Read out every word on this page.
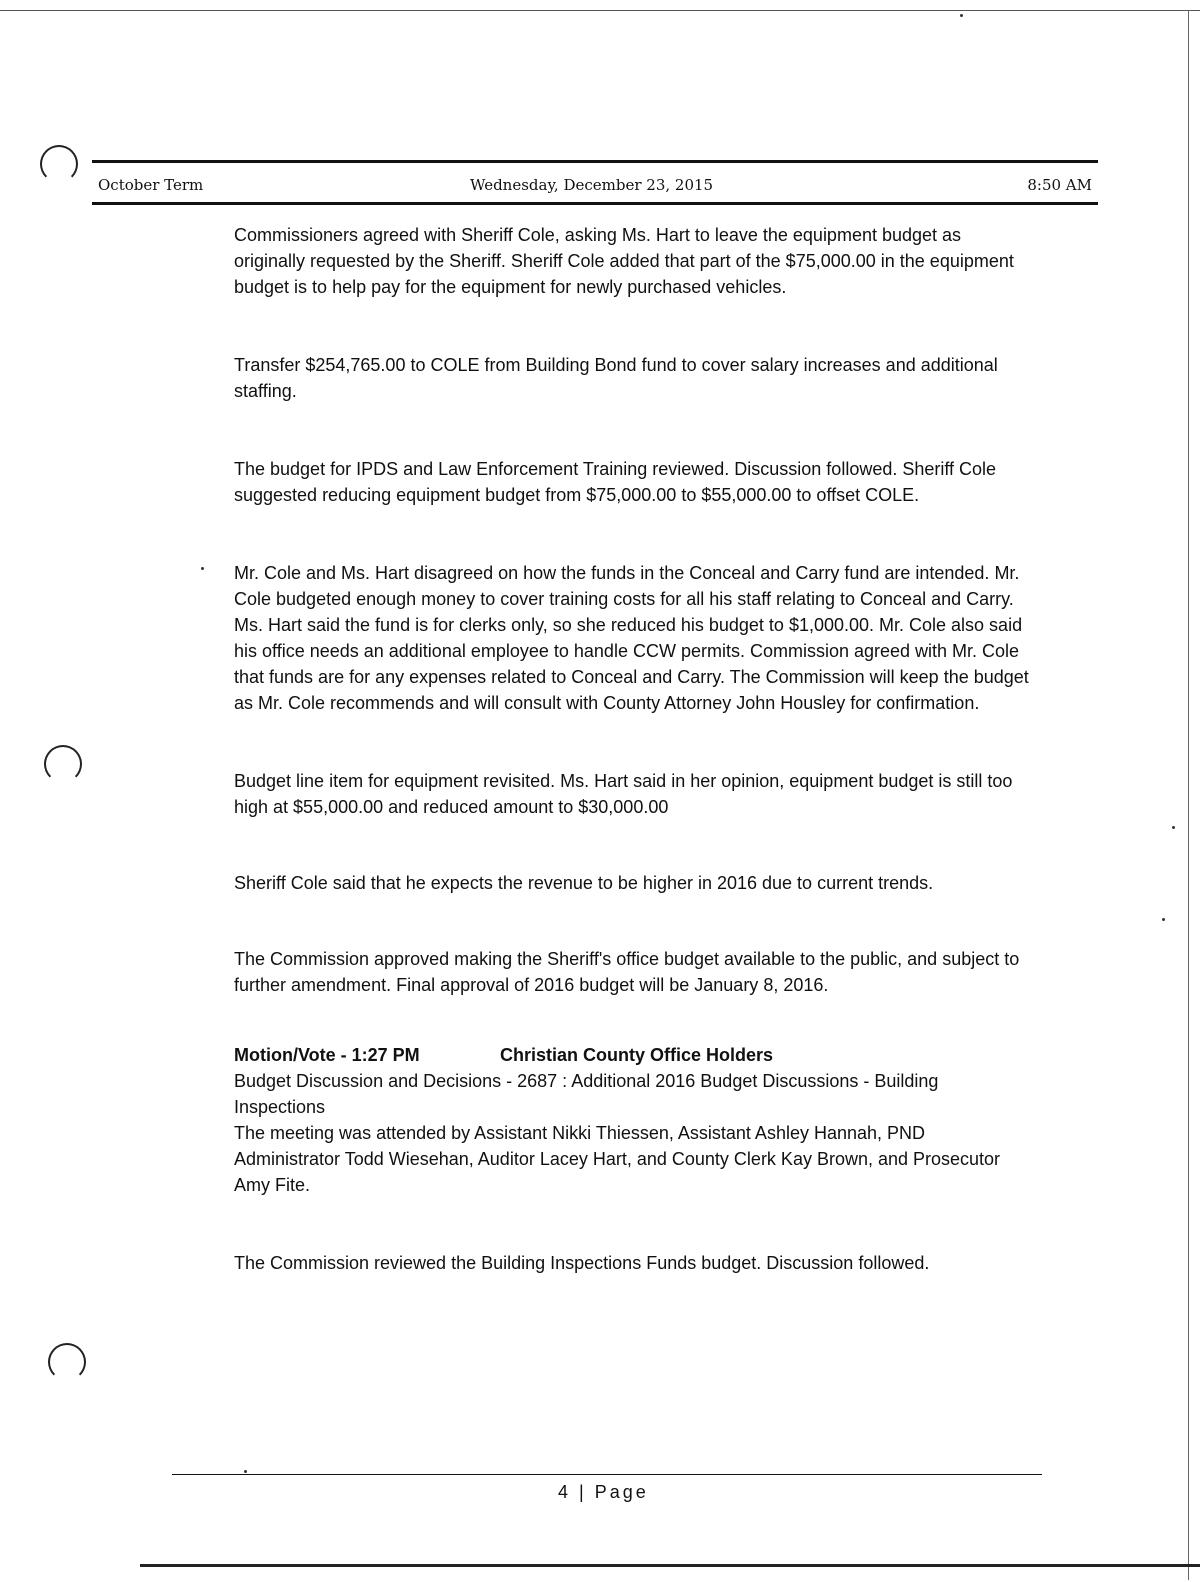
October Term	Wednesday, December 23, 2015	8:50 AM

Commissioners agreed with Sheriff Cole, asking Ms. Hart to leave the equipment budget as originally requested by the Sheriff. Sheriff Cole added that part of the $75,000.00 in the equipment budget is to help pay for the equipment for newly purchased vehicles.

Transfer $254,765.00 to COLE from Building Bond fund to cover salary increases and additional staffing.

The budget for IPDS and Law Enforcement Training reviewed. Discussion followed. Sheriff Cole suggested reducing equipment budget from $75,000.00 to $55,000.00 to offset COLE.

Mr. Cole and Ms. Hart disagreed on how the funds in the Conceal and Carry fund are intended. Mr. Cole budgeted enough money to cover training costs for all his staff relating to Conceal and Carry. Ms. Hart said the fund is for clerks only, so she reduced his budget to $1,000.00. Mr. Cole also said his office needs an additional employee to handle CCW permits. Commission agreed with Mr. Cole that funds are for any expenses related to Conceal and Carry. The Commission will keep the budget as Mr. Cole recommends and will consult with County Attorney John Housley for confirmation.

Budget line item for equipment revisited. Ms. Hart said in her opinion, equipment budget is still too high at $55,000.00 and reduced amount to $30,000.00

Sheriff Cole said that he expects the revenue to be higher in 2016 due to current trends.

The Commission approved making the Sheriff's office budget available to the public, and subject to further amendment. Final approval of 2016 budget will be January 8, 2016.

Motion/Vote - 1:27 PM	Christian County Office Holders

Budget Discussion and Decisions - 2687 : Additional 2016 Budget Discussions - Building Inspections

The meeting was attended by Assistant Nikki Thiessen, Assistant Ashley Hannah, PND Administrator Todd Wiesehan, Auditor Lacey Hart, and County Clerk Kay Brown, and Prosecutor Amy Fite.

The Commission reviewed the Building Inspections Funds budget. Discussion followed.

4 | Page
